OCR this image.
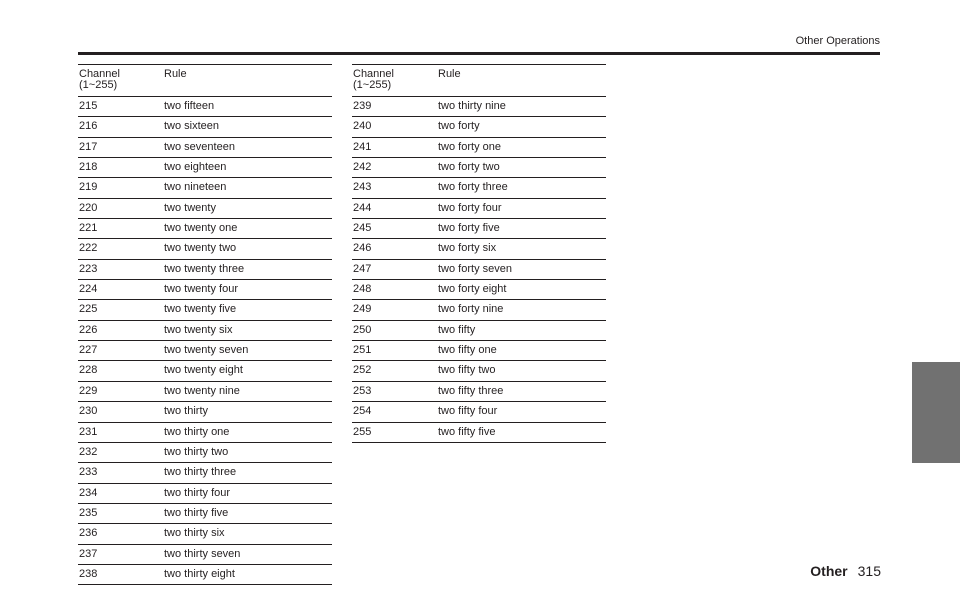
Other Operations
Channel
(1~255)
Rule
215	two fifteen
216	two sixteen
217	two seventeen
218	two eighteen
219	two nineteen
220	two twenty
221	two twenty one
222	two twenty two
223	two twenty three
224	two twenty four
225	two twenty five
226	two twenty six
227	two twenty seven
228	two twenty eight
229	two twenty nine
230	two thirty
231	two thirty one
232	two thirty two
233	two thirty three
234	two thirty four
235	two thirty five
236	two thirty six
237	two thirty seven
238	two thirty eight
Channel
(1~255)
Rule
239	two thirty nine
240	two forty
241	two forty one
242	two forty two
243	two forty three
244	two forty four
245	two forty five
246	two forty six
247	two forty seven
248	two forty eight
249	two forty nine
250	two fifty
251	two fifty one
252	two fifty two
253	two fifty three
254	two fifty four
255	two fifty five
Other 315
